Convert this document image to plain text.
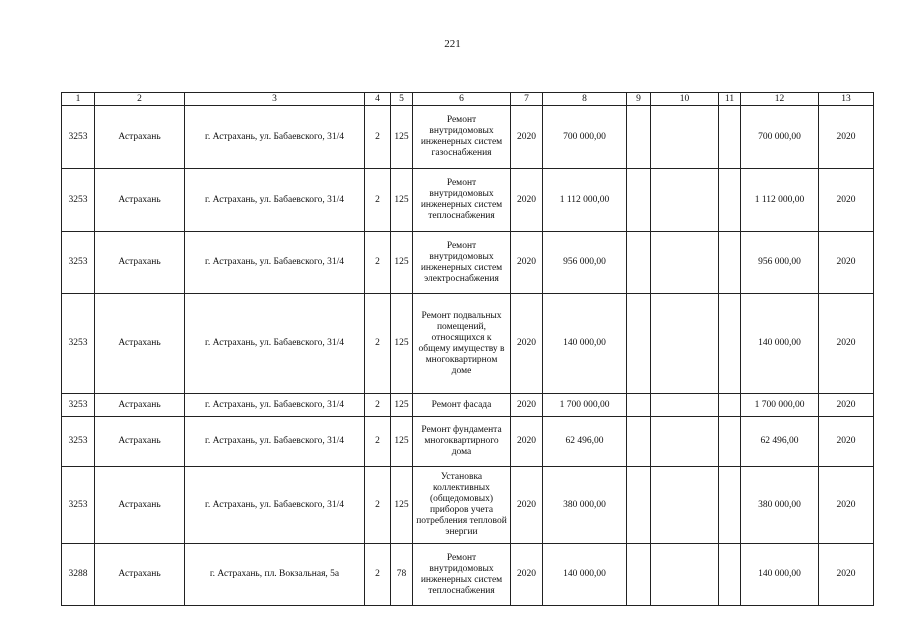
221
1	2	3	4	5	6	7	8	9	10	11	12	13
3253	Астрахань	г. Астрахань, ул. Бабаевского, 31/4	2	125	Ремонт внутридомовых инженерных систем газоснабжения	2020	700 000,00				700 000,00	2020
3253	Астрахань	г. Астрахань, ул. Бабаевского, 31/4	2	125	Ремонт внутридомовых инженерных систем теплоснабжения	2020	1 112 000,00				1 112 000,00	2020
3253	Астрахань	г. Астрахань, ул. Бабаевского, 31/4	2	125	Ремонт внутридомовых инженерных систем электроснабжения	2020	956 000,00				956 000,00	2020
3253	Астрахань	г. Астрахань, ул. Бабаевского, 31/4	2	125	Ремонт подвальных помещений, относящихся к общему имуществу в многоквартирном доме	2020	140 000,00				140 000,00	2020
3253	Астрахань	г. Астрахань, ул. Бабаевского, 31/4	2	125	Ремонт фасада	2020	1 700 000,00				1 700 000,00	2020
3253	Астрахань	г. Астрахань, ул. Бабаевского, 31/4	2	125	Ремонт фундамента многоквартирного дома	2020	62 496,00				62 496,00	2020
3253	Астрахань	г. Астрахань, ул. Бабаевского, 31/4	2	125	Установка коллективных (общедомовых) приборов учета потребления тепловой энергии	2020	380 000,00				380 000,00	2020
3288	Астрахань	г. Астрахань, пл. Вокзальная, 5а	2	78	Ремонт внутридомовых инженерных систем теплоснабжения	2020	140 000,00				140 000,00	2020
